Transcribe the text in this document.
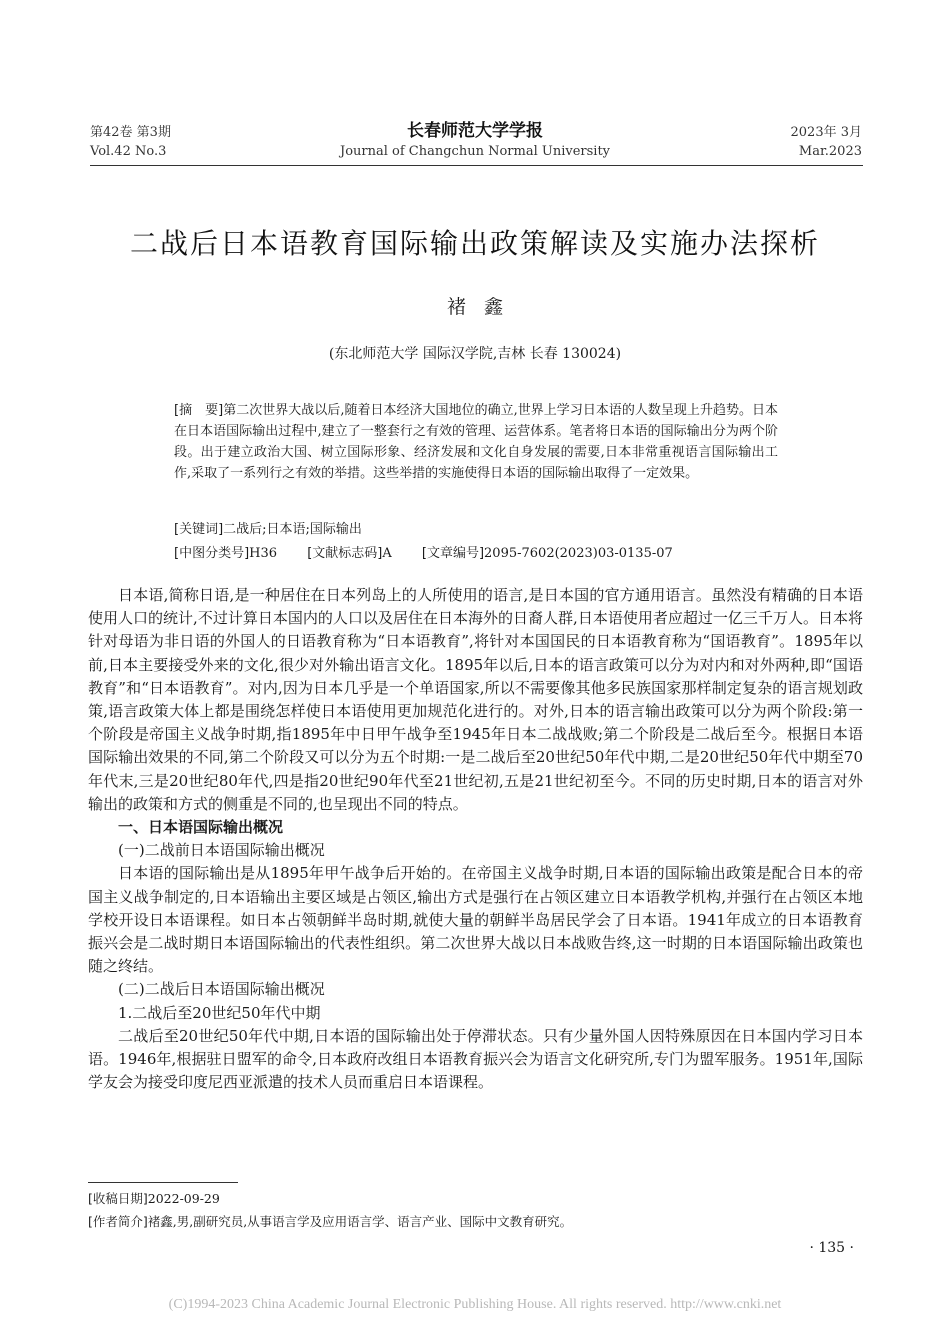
第42卷 第3期
Vol.42 No.3
长春师范大学学报
Journal of Changchun Normal University
2023年 3月
Mar.2023
二战后日本语教育国际输出政策解读及实施办法探析
褚鑫
(东北师范大学 国际汉学院,吉林 长春 130024)
[摘　要]第二次世界大战以后,随着日本经济大国地位的确立,世界上学习日本语的人数呈现上升趋势。日本在日本语国际输出过程中,建立了一整套行之有效的管理、运营体系。笔者将日本语的国际输出分为两个阶段。出于建立政治大国、树立国际形象、经济发展和文化自身发展的需要,日本非常重视语言国际输出工作,采取了一系列行之有效的举措。这些举措的实施使得日本语的国际输出取得了一定效果。
[关键词]二战后;日本语;国际输出
[中图分类号]H36 [文献标志码]A [文章编号]2095-7602(2023)03-0135-07

日本语,简称日语,是一种居住在日本列岛上的人所使用的语言,是日本国的官方通用语言。虽然没有精确的日本语使用人口的统计,不过计算日本国内的人口以及居住在日本海外的日裔人群,日本语使用者应超过一亿三千万人。日本将针对母语为非日语的外国人的日语教育称为“日本语教育”,将针对本国国民的日本语教育称为“国语教育”。1895年以前,日本主要接受外来的文化,很少对外输出语言文化。1895年以后,日本的语言政策可以分为对内和对外两种,即“国语教育”和“日本语教育”。对内,因为日本几乎是一个单语国家,所以不需要像其他多民族国家那样制定复杂的语言规划政策,语言政策大体上都是围绕怎样使日本语使用更加规范化进行的。对外,日本的语言输出政策可以分为两个阶段:第一个阶段是帝国主义战争时期,指1895年中日甲午战争至1945年日本二战战败;第二个阶段是二战后至今。根据日本语国际输出效果的不同,第二个阶段又可以分为五个时期:一是二战后至20世纪50年代中期,二是20世纪50年代中期至70年代末,三是20世纪80年代,四是指20世纪90年代至21世纪初,五是21世纪初至今。不同的历史时期,日本的语言对外输出的政策和方式的侧重是不同的,也呈现出不同的特点。

一、日本语国际输出概况

(一)二战前日本语国际输出概况

日本语的国际输出是从1895年甲午战争后开始的。在帝国主义战争时期,日本语的国际输出政策是配合日本的帝国主义战争制定的,日本语输出主要区域是占领区,输出方式是强行在占领区建立日本语教学机构,并强行在占领区本地学校开设日本语课程。如日本占领朝鲜半岛时期,就使大量的朝鲜半岛居民学会了日本语。1941年成立的日本语教育振兴会是二战时期日本语国际输出的代表性组织。第二次世界大战以日本战败告终,这一时期的日本语国际输出政策也随之终结。

(二)二战后日本语国际输出概况

1.二战后至20世纪50年代中期

二战后至20世纪50年代中期,日本语的国际输出处于停滞状态。只有少量外国人因特殊原因在日本国内学习日本语。1946年,根据驻日盟军的命令,日本政府改组日本语教育振兴会为语言文化研究所,专门为盟军服务。1951年,国际学友会为接受印度尼西亚派遣的技术人员而重启日本语课程。

[收稿日期]2022-09-29
[作者简介]褚鑫,男,副研究员,从事语言学及应用语言学、语言产业、国际中文教育研究。
· 135 ·
(C)1994-2023 China Academic Journal Electronic Publishing House. All rights reserved. http://www.cnki.net
